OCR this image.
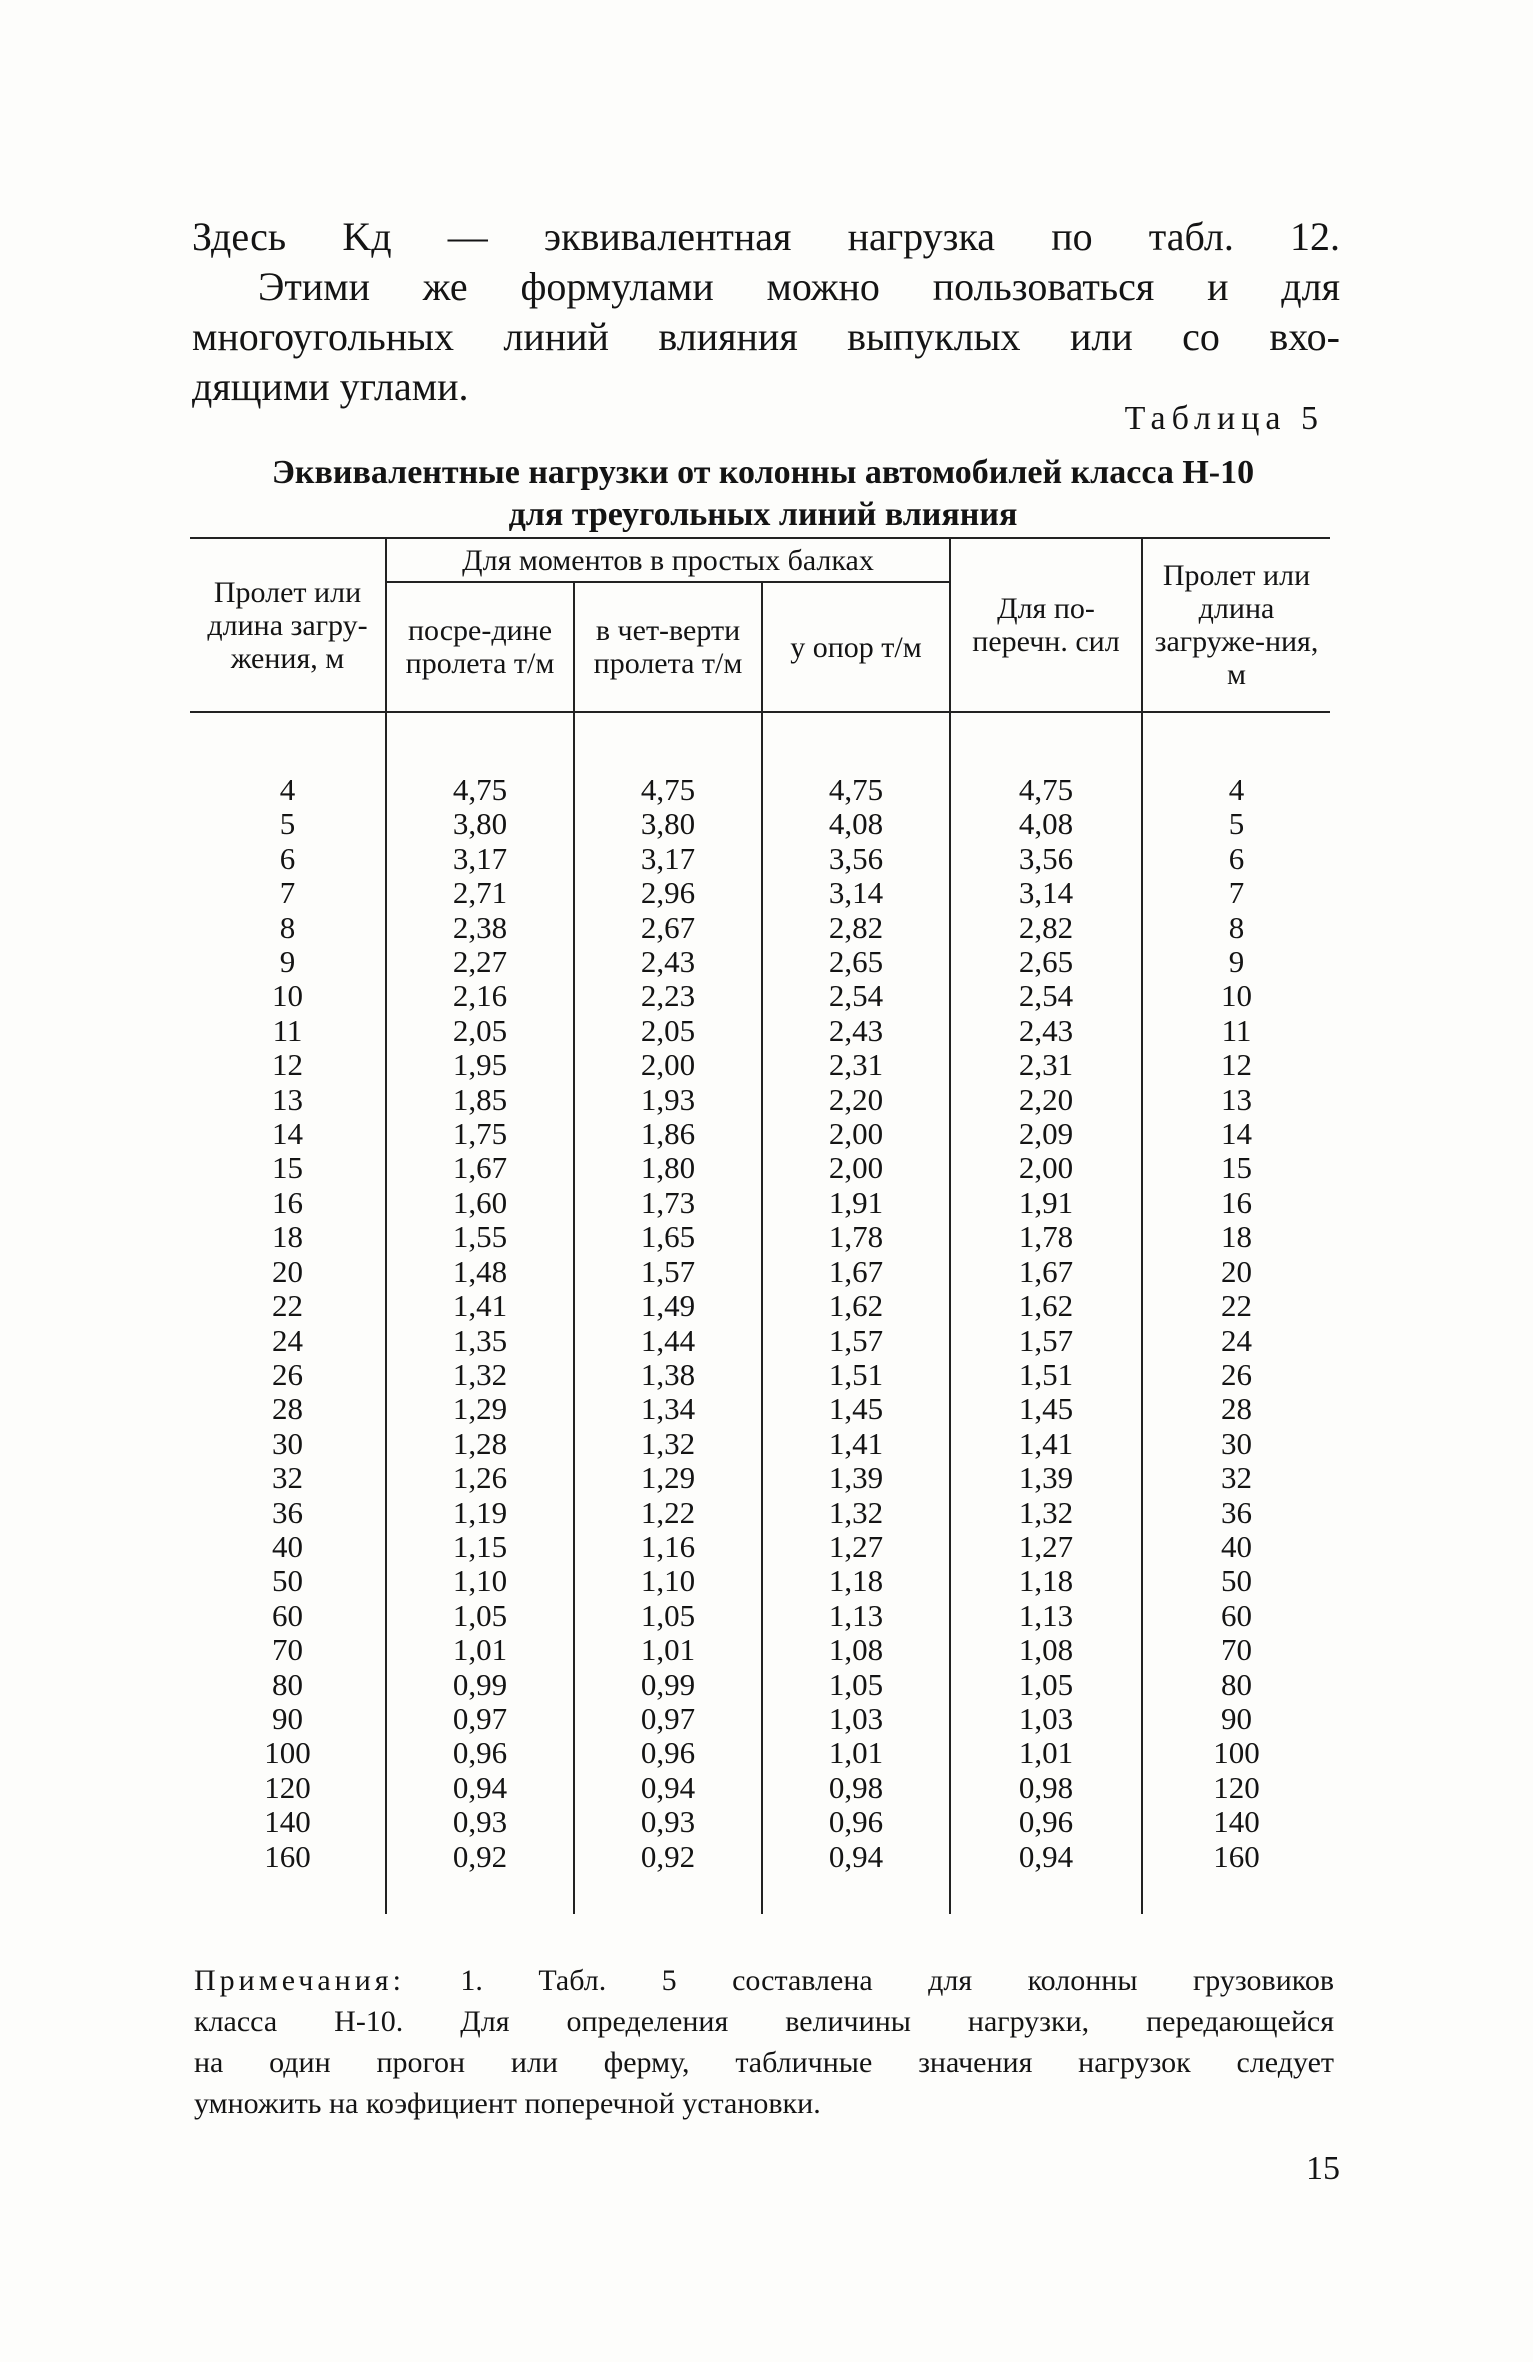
Здесь Kд — эквивалентная нагрузка по табл. 12.

Этими же формулами можно пользоваться и для

многоугольных линий влияния выпуклых или со вхо-

дящими углами.

Таблица 5
Эквивалентные нагрузки от колонны автомобилей класса Н-10
для треугольных линий влияния
Пролет или длина загру-жения, м	Для моментов в простых балках			Для по-перечн. сил	Пролет или длина загруже-ния, м
	посре-дине пролета т/м	в чет-верти пролета т/м	у опор т/м		

4	4,75	4,75	4,75	4,75	4
5	3,80	3,80	4,08	4,08	5
6	3,17	3,17	3,56	3,56	6
7	2,71	2,96	3,14	3,14	7
8	2,38	2,67	2,82	2,82	8
9	2,27	2,43	2,65	2,65	9
10	2,16	2,23	2,54	2,54	10
11	2,05	2,05	2,43	2,43	11
12	1,95	2,00	2,31	2,31	12
13	1,85	1,93	2,20	2,20	13
14	1,75	1,86	2,00	2,09	14
15	1,67	1,80	2,00	2,00	15
16	1,60	1,73	1,91	1,91	16
18	1,55	1,65	1,78	1,78	18
20	1,48	1,57	1,67	1,67	20
22	1,41	1,49	1,62	1,62	22
24	1,35	1,44	1,57	1,57	24
26	1,32	1,38	1,51	1,51	26
28	1,29	1,34	1,45	1,45	28
30	1,28	1,32	1,41	1,41	30
32	1,26	1,29	1,39	1,39	32
36	1,19	1,22	1,32	1,32	36
40	1,15	1,16	1,27	1,27	40
50	1,10	1,10	1,18	1,18	50
60	1,05	1,05	1,13	1,13	60
70	1,01	1,01	1,08	1,08	70
80	0,99	0,99	1,05	1,05	80
90	0,97	0,97	1,03	1,03	90
100	0,96	0,96	1,01	1,01	100
120	0,94	0,94	0,98	0,98	120
140	0,93	0,93	0,96	0,96	140
160	0,92	0,92	0,94	0,94	160

Примечания: 1. Табл. 5 составлена для колонны грузовиков

класса Н-10. Для определения величины нагрузки, передающейся

на один прогон или ферму, табличные значения нагрузок следует

умножить на коэфициент поперечной установки.

15
